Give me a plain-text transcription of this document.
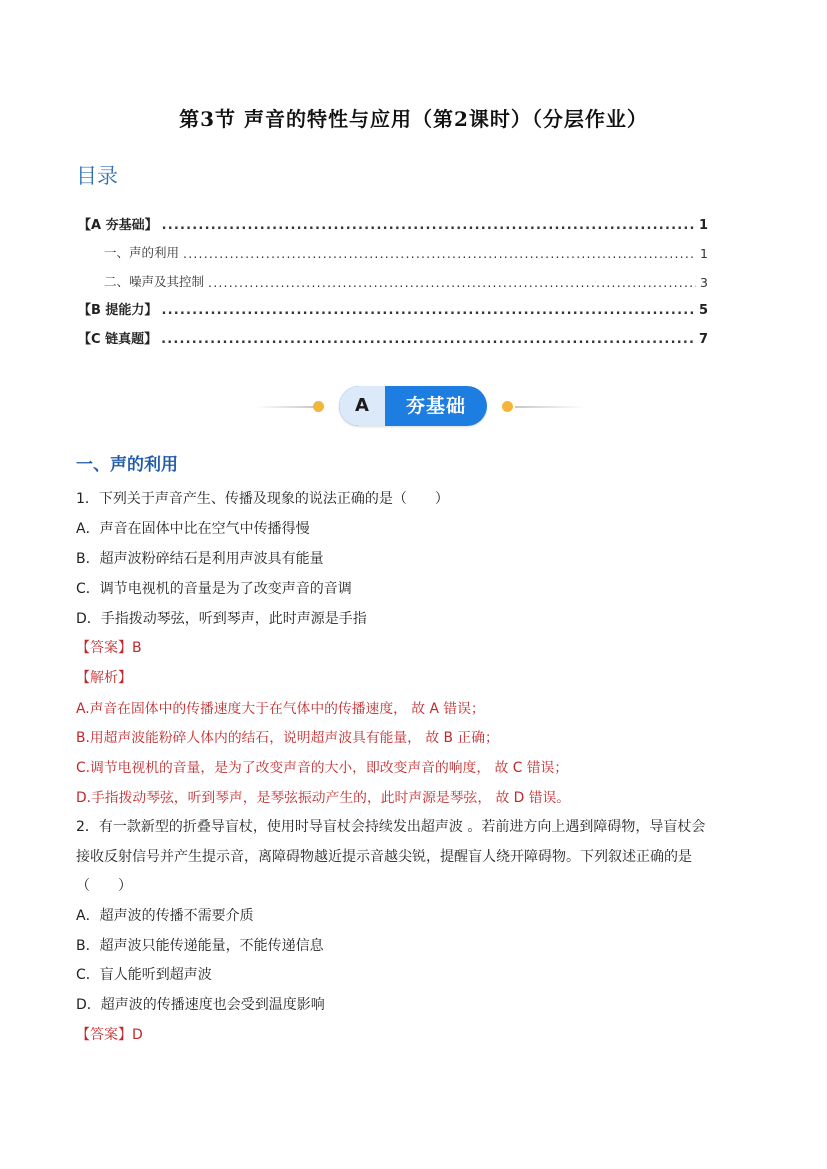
第3节 声音的特性与应用（第2课时）（分层作业）
目录
【A 夯基础】 .....	1
一、声的利用 .....	1
二、噪声及其控制 .....	3
【B 提能力】 .....	5
【C 链真题】 .....	7
A	夯基础
一、声的利用
1．下列关于声音产生、传播及现象的说法正确的是（　　）
A．声音在固体中比在空气中传播得慢
B．超声波粉碎结石是利用声波具有能量
C．调节电视机的音量是为了改变声音的音调
D．手指拨动琴弦，听到琴声，此时声源是手指
【答案】B
【解析】
A.声音在固体中的传播速度大于在气体中的传播速度， 故 A 错误；
B.用超声波能粉碎人体内的结石，说明超声波具有能量， 故 B 正确；
C.调节电视机的音量，是为了改变声音的大小，即改变声音的响度， 故 C 错误；
D.手指拨动琴弦，听到琴声，是琴弦振动产生的，此时声源是琴弦， 故 D 错误。
2．有一款新型的折叠导盲杖，使用时导盲杖会持续发出超声波 。若前进方向上遇到障碍物，导盲杖会
接收反射信号并产生提示音，离障碍物越近提示音越尖锐，提醒盲人绕开障碍物。下列叙述正确的是
（　　）
A．超声波的传播不需要介质
B．超声波只能传递能量，不能传递信息
C．盲人能听到超声波
D．超声波的传播速度也会受到温度影响
【答案】D
